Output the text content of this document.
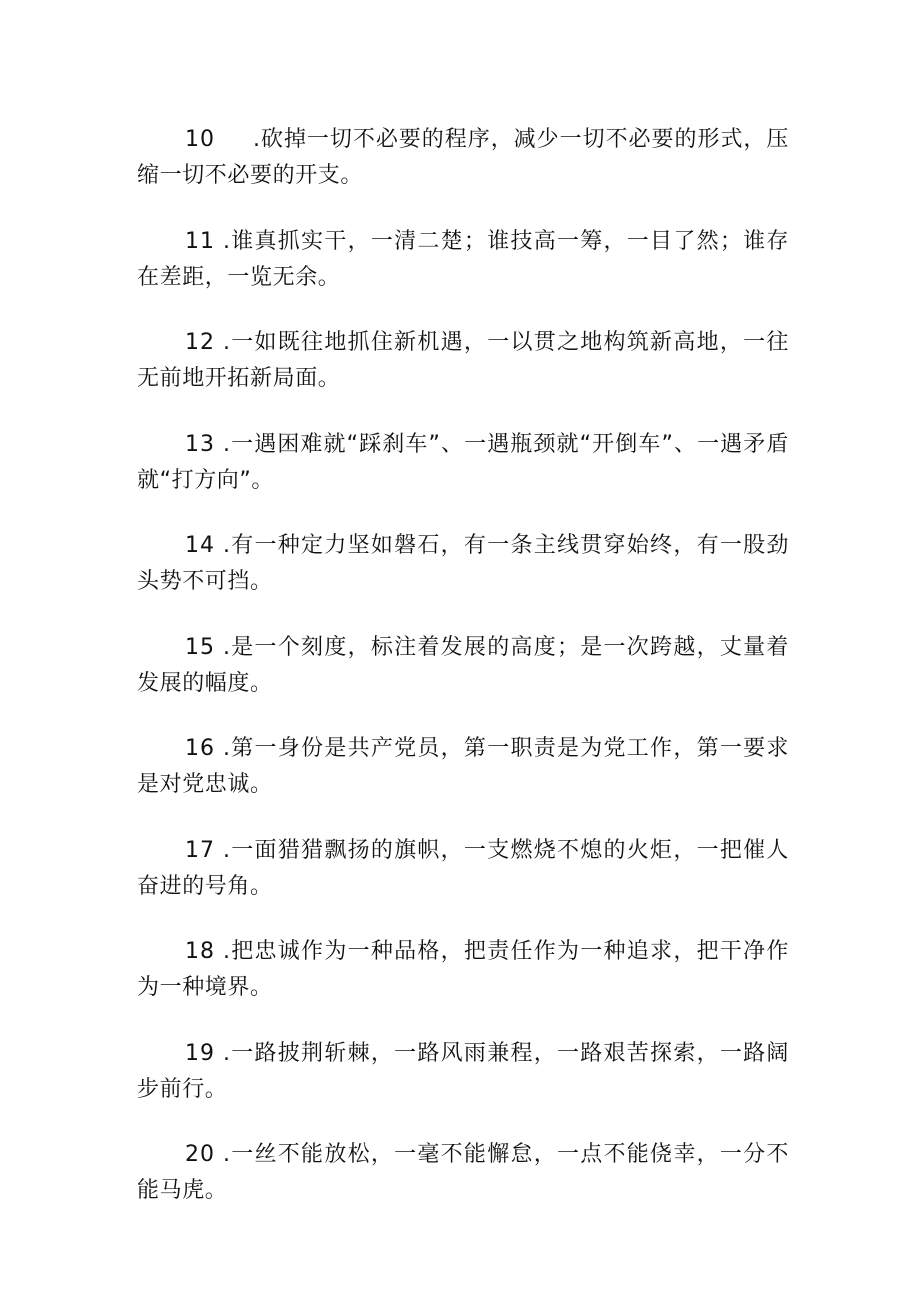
10 .砍掉一切不必要的程序，减少一切不必要的形式，压缩一切不必要的开支。

11 .谁真抓实干，一清二楚；谁技高一筹，一目了然；谁存在差距，一览无余。

12 .一如既往地抓住新机遇，一以贯之地构筑新高地，一往无前地开拓新局面。

13 .一遇困难就“踩刹车”、一遇瓶颈就“开倒车”、一遇矛盾就“打方向”。

14 .有一种定力坚如磐石，有一条主线贯穿始终，有一股劲头势不可挡。

15 .是一个刻度，标注着发展的高度；是一次跨越，丈量着发展的幅度。

16 .第一身份是共产党员，第一职责是为党工作，第一要求是对党忠诚。

17 .一面猎猎飘扬的旗帜，一支燃烧不熄的火炬，一把催人奋进的号角。

18 .把忠诚作为一种品格，把责任作为一种追求，把干净作为一种境界。

19 .一路披荆斩棘，一路风雨兼程，一路艰苦探索，一路阔步前行。

20 .一丝不能放松，一毫不能懈怠，一点不能侥幸，一分不能马虎。
